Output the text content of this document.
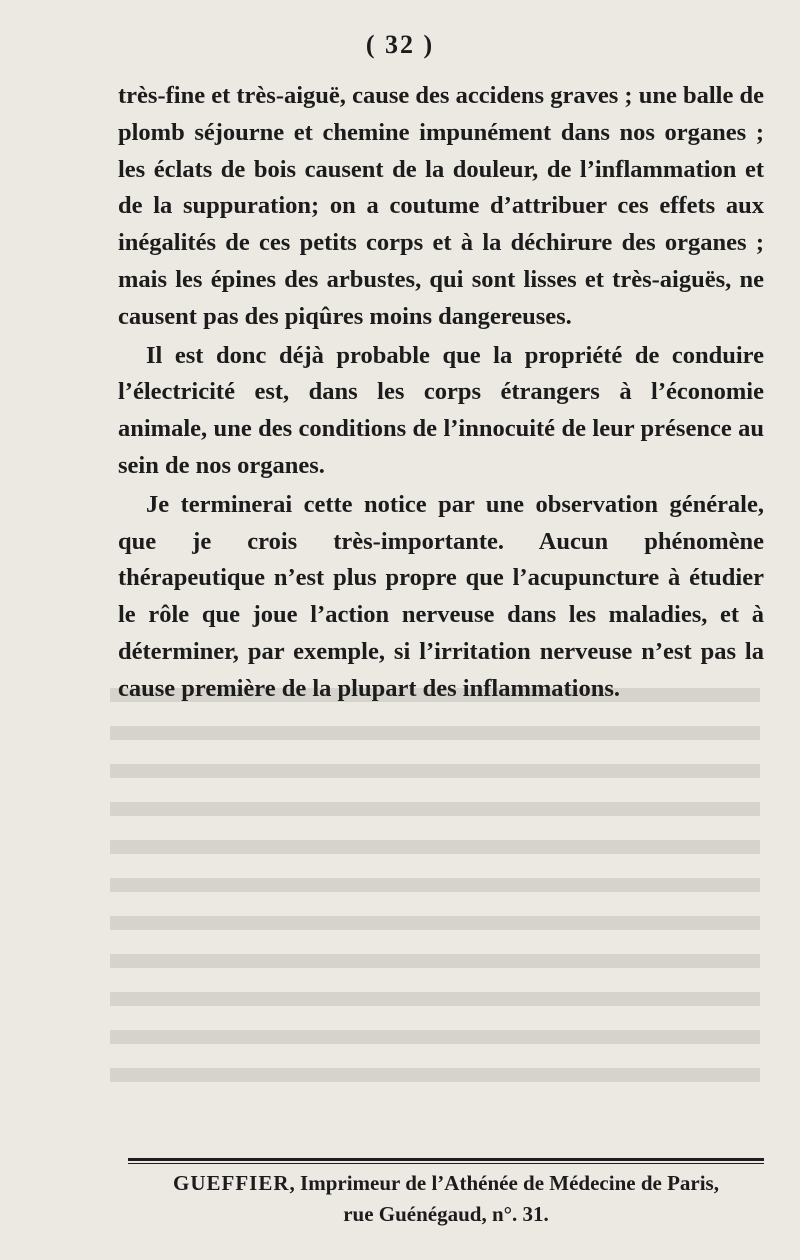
( 32 )

très-fine et très-aiguë, cause des accidens graves ; une balle de plomb séjourne et chemine impunément dans nos organes ; les éclats de bois causent de la douleur, de l’inflammation et de la suppuration; on a coutume d’attribuer ces effets aux inégalités de ces petits corps et à la déchirure des organes ; mais les épines des arbustes, qui sont lisses et très-aiguës, ne causent pas des piqûres moins dangereuses.

Il est donc déjà probable que la propriété de conduire l’électricité est, dans les corps étrangers à l’économie animale, une des conditions de l’innocuité de leur présence au sein de nos organes.

Je terminerai cette notice par une observation générale, que je crois très-importante. Aucun phénomène thérapeutique n’est plus propre que l’acupuncture à étudier le rôle que joue l’action nerveuse dans les maladies, et à déterminer, par exemple, si l’irritation nerveuse n’est pas la cause première de la plupart des inflammations.

GUEFFIER, Imprimeur de l’Athénée de Médecine de Paris,
rue Guénégaud, n°. 31.
